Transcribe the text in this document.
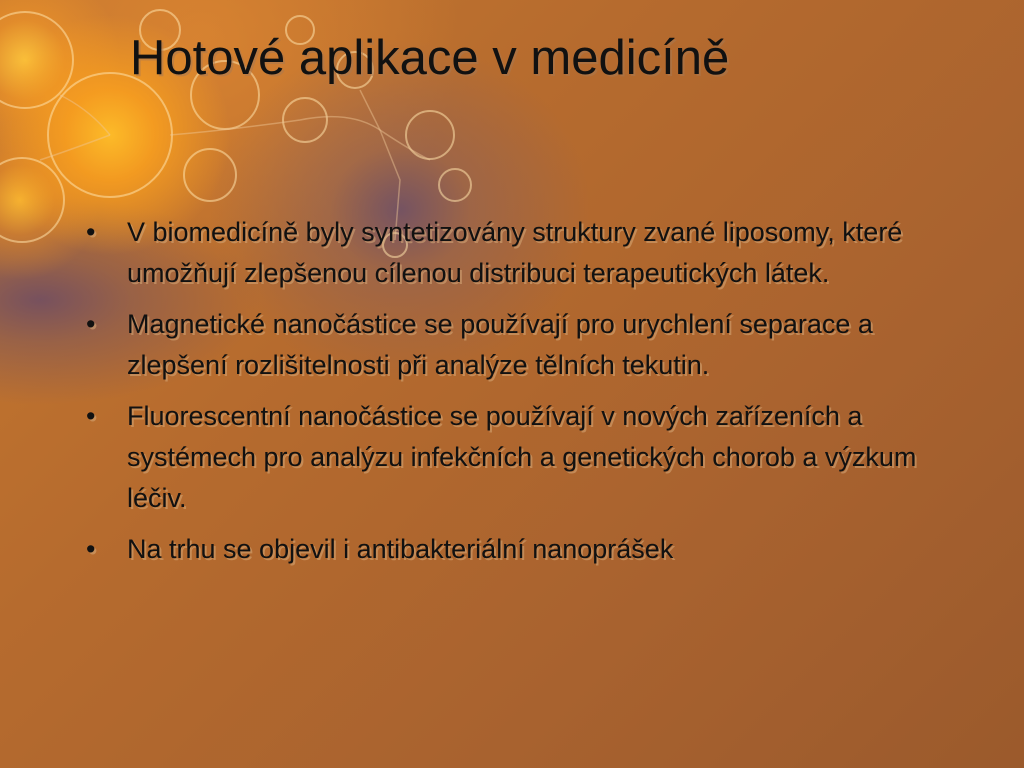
Hotové aplikace v medicíně
• V biomedicíně byly syntetizovány struktury zvané liposomy, které umožňují zlepšenou cílenou distribuci terapeutických látek.
• Magnetické nanočástice se používají pro urychlení separace a zlepšení rozlišitelnosti při analýze tělních tekutin.
• Fluorescentní nanočástice se používají v nových zařízeních a systémech pro analýzu infekčních a genetických chorob a výzkum léčiv.
• Na trhu se objevil i antibakteriální nanoprášek
